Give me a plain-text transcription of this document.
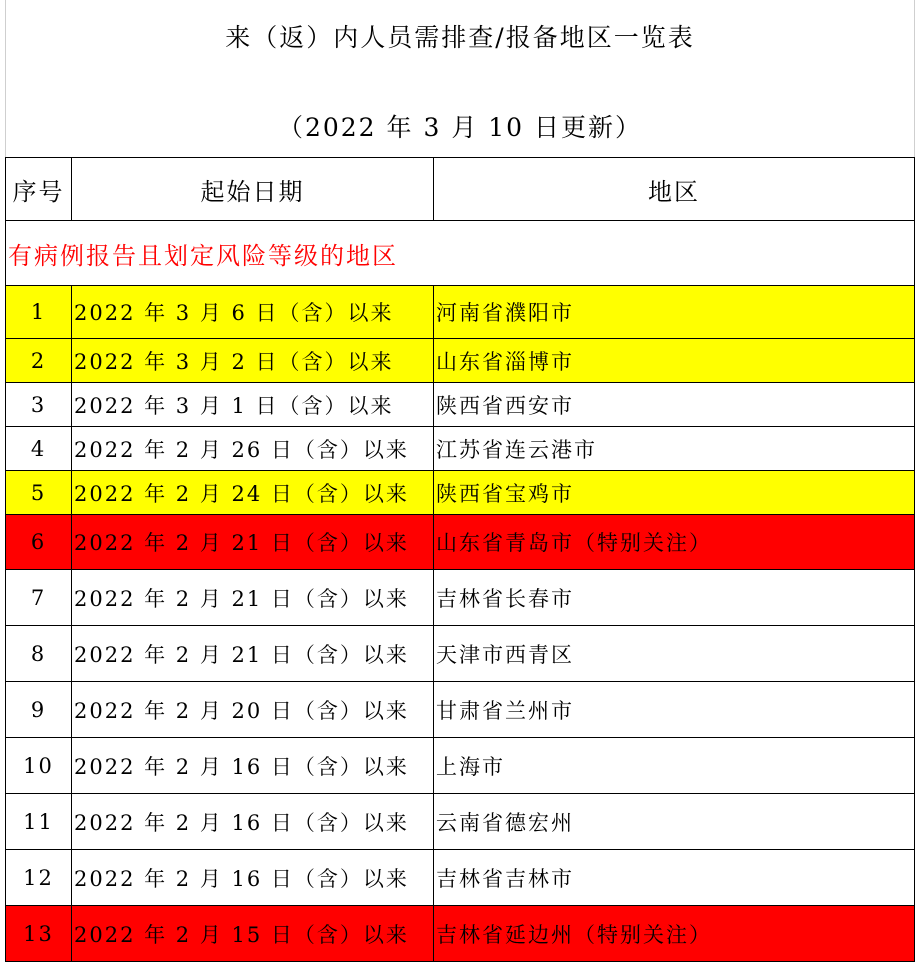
来（返）内人员需排查/报备地区一览表
（2022 年 3 月 10 日更新）
序号	起始日期	地区
有病例报告且划定风险等级的地区		
1	2022 年 3 月 6 日（含）以来	河南省濮阳市
2	2022 年 3 月 2 日（含）以来	山东省淄博市
3	2022 年 3 月 1 日（含）以来	陕西省西安市
4	2022 年 2 月 26 日（含）以来	江苏省连云港市
5	2022 年 2 月 24 日（含）以来	陕西省宝鸡市
6	2022 年 2 月 21 日（含）以来	山东省青岛市（特别关注）
7	2022 年 2 月 21 日（含）以来	吉林省长春市
8	2022 年 2 月 21 日（含）以来	天津市西青区
9	2022 年 2 月 20 日（含）以来	甘肃省兰州市
10	2022 年 2 月 16 日（含）以来	上海市
11	2022 年 2 月 16 日（含）以来	云南省德宏州
12	2022 年 2 月 16 日（含）以来	吉林省吉林市
13	2022 年 2 月 15 日（含）以来	吉林省延边州（特别关注）
